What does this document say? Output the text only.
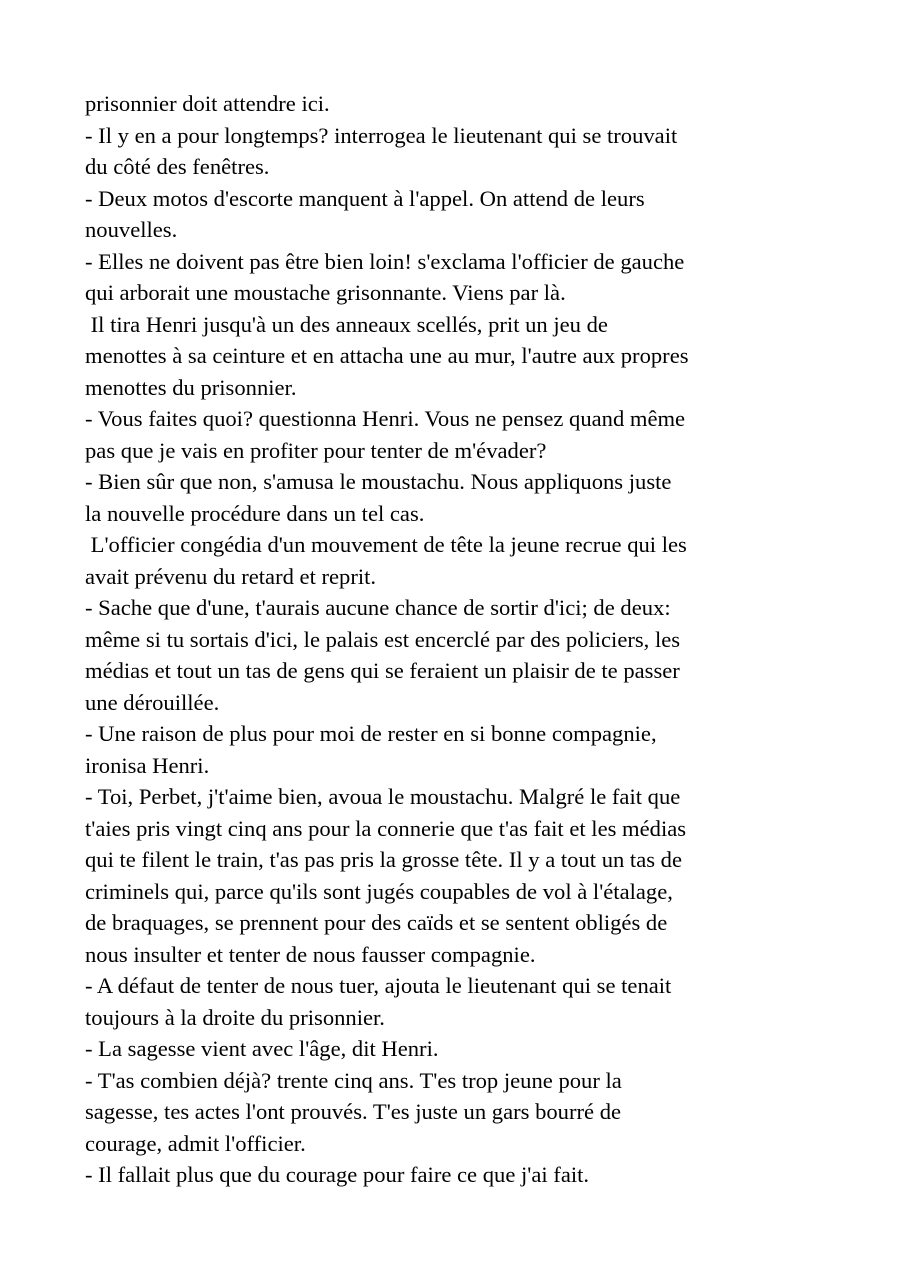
prisonnier doit attendre ici.
- Il y en a pour longtemps? interrogea le lieutenant qui se trouvait
du côté des fenêtres.
- Deux motos d'escorte manquent à l'appel. On attend de leurs
nouvelles.
- Elles ne doivent pas être bien loin! s'exclama l'officier de gauche
qui arborait une moustache grisonnante. Viens par là.
Il tira Henri jusqu'à un des anneaux scellés, prit un jeu de
menottes à sa ceinture et en attacha une au mur, l'autre aux propres
menottes du prisonnier.
- Vous faites quoi? questionna Henri. Vous ne pensez quand même
pas que je vais en profiter pour tenter de m'évader?
- Bien sûr que non, s'amusa le moustachu. Nous appliquons juste
la nouvelle procédure dans un tel cas.
L'officier congédia d'un mouvement de tête la jeune recrue qui les
avait prévenu du retard et reprit.
- Sache que d'une, t'aurais aucune chance de sortir d'ici; de deux:
même si tu sortais d'ici, le palais est encerclé par des policiers, les
médias et tout un tas de gens qui se feraient un plaisir de te passer
une dérouillée.
- Une raison de plus pour moi de rester en si bonne compagnie,
ironisa Henri.
- Toi, Perbet, j't'aime bien, avoua le moustachu. Malgré le fait que
t'aies pris vingt cinq ans pour la connerie que t'as fait et les médias
qui te filent le train, t'as pas pris la grosse tête. Il y a tout un tas de
criminels qui, parce qu'ils sont jugés coupables de vol à l'étalage,
de braquages, se prennent pour des caïds et se sentent obligés de
nous insulter et tenter de nous fausser compagnie.
- A défaut de tenter de nous tuer, ajouta le lieutenant qui se tenait
toujours à la droite du prisonnier.
- La sagesse vient avec l'âge, dit Henri.
- T'as combien déjà? trente cinq ans. T'es trop jeune pour la
sagesse, tes actes l'ont prouvés. T'es juste un gars bourré de
courage, admit l'officier.
- Il fallait plus que du courage pour faire ce que j'ai fait.
